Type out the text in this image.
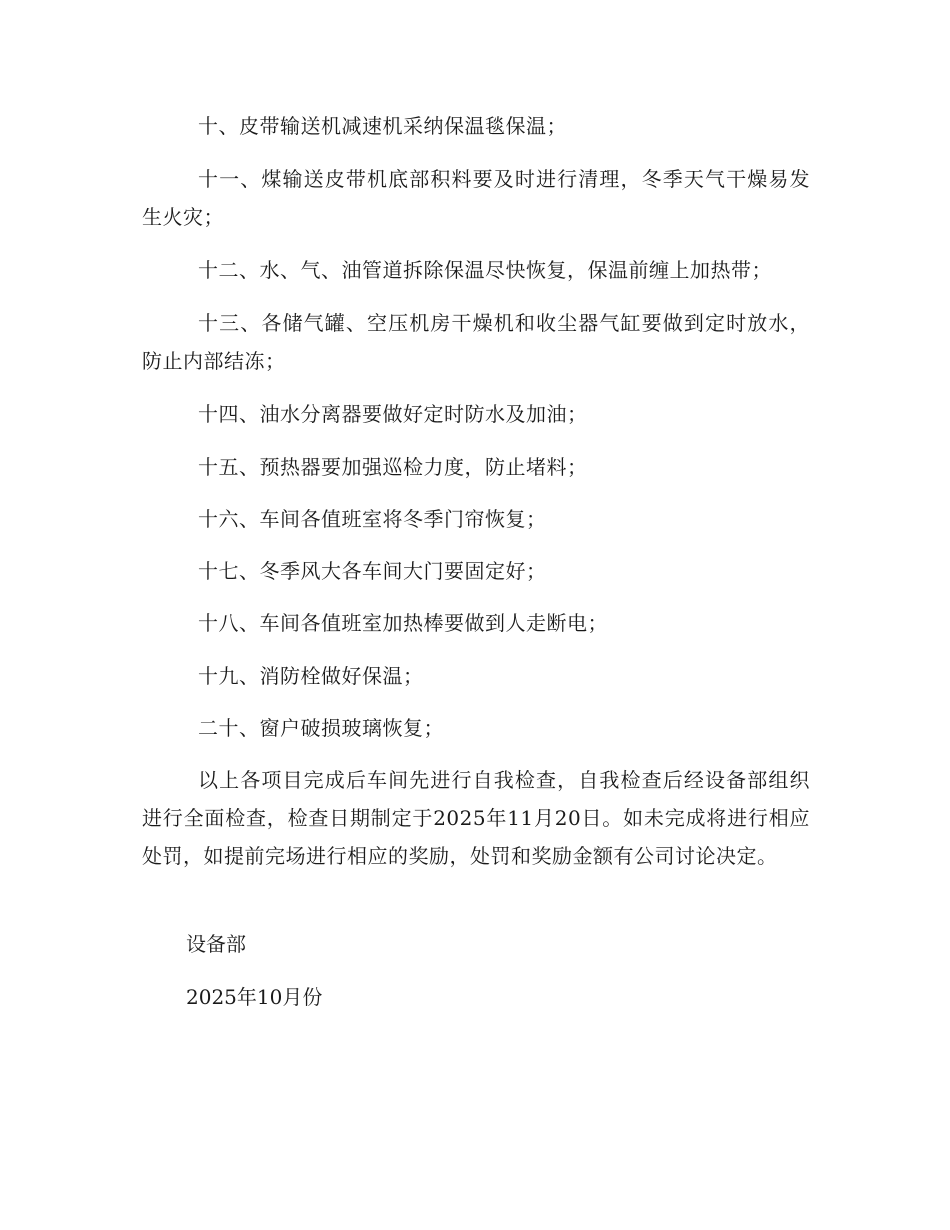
十、皮带输送机减速机采纳保温毯保温；
十一、煤输送皮带机底部积料要及时进行清理，冬季天气干燥易发生火灾；
十二、水、气、油管道拆除保温尽快恢复，保温前缠上加热带；
十三、各储气罐、空压机房干燥机和收尘器气缸要做到定时放水，防止内部结冻；
十四、油水分离器要做好定时防水及加油；
十五、预热器要加强巡检力度，防止堵料；
十六、车间各值班室将冬季门帘恢复；
十七、冬季风大各车间大门要固定好；
十八、车间各值班室加热棒要做到人走断电；
十九、消防栓做好保温；
二十、窗户破损玻璃恢复；
以上各项目完成后车间先进行自我检查，自我检查后经设备部组织进行全面检查，检查日期制定于2025年11月20日。如未完成将进行相应处罚，如提前完场进行相应的奖励，处罚和奖励金额有公司讨论决定。
设备部
2025年10月份
